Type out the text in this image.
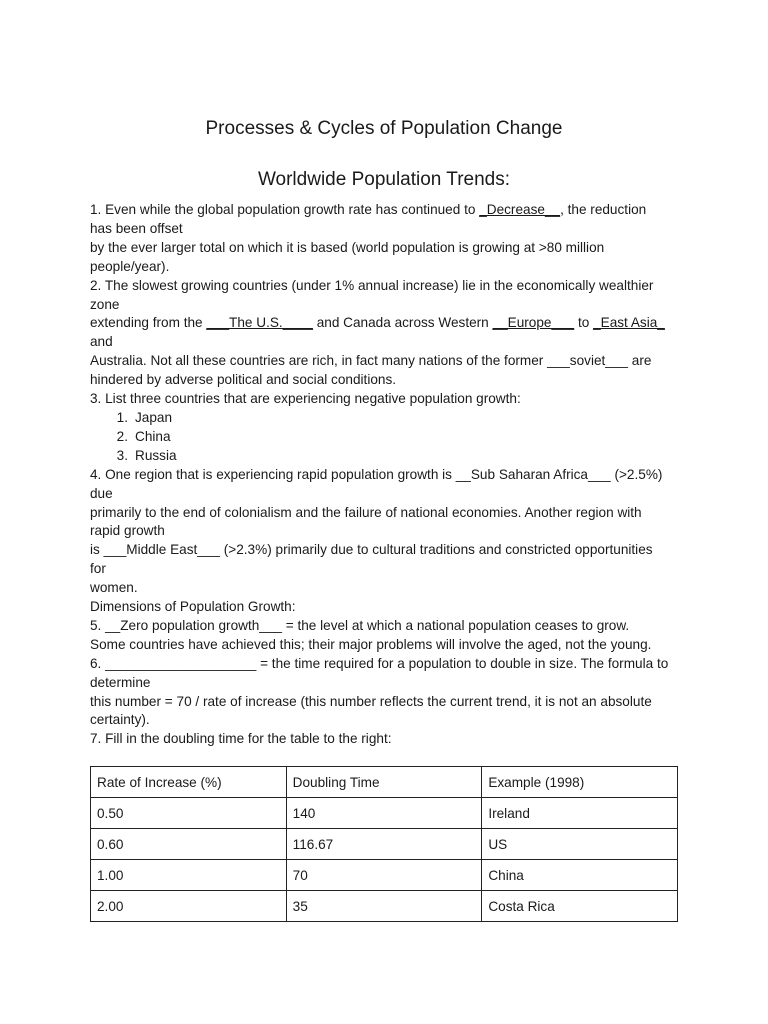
Processes & Cycles of Population Change
Worldwide Population Trends:
1. Even while the global population growth rate has continued to _Decrease__, the reduction
has been offset
by the ever larger total on which it is based (world population is growing at >80 million
people/year).
2. The slowest growing countries (under 1% annual increase) lie in the economically wealthier
zone
extending from the ___The U.S.____ and Canada across Western __Europe___ to _East Asia_
and
Australia. Not all these countries are rich, in fact many nations of the former ___soviet___ are
hindered by adverse political and social conditions.
3. List three countries that are experiencing negative population growth:
1. Japan
2. China
3. Russia
4. One region that is experiencing rapid population growth is __Sub Saharan Africa___ (>2.5%)
due
primarily to the end of colonialism and the failure of national economies. Another region with
rapid growth
is ___Middle East___ (>2.3%) primarily due to cultural traditions and constricted opportunities
for
women.
Dimensions of Population Growth:
5. __Zero population growth___ = the level at which a national population ceases to grow.
Some countries have achieved this; their major problems will involve the aged, not the young.
6. ____________________ = the time required for a population to double in size. The formula to
determine
this number = 70 / rate of increase (this number reflects the current trend, it is not an absolute
certainty).
7. Fill in the doubling time for the table to the right:
Rate of Increase (%)	Doubling Time	Example (1998)
0.50	140	Ireland
0.60	116.67	US
1.00	70	China
2.00	35	Costa Rica
